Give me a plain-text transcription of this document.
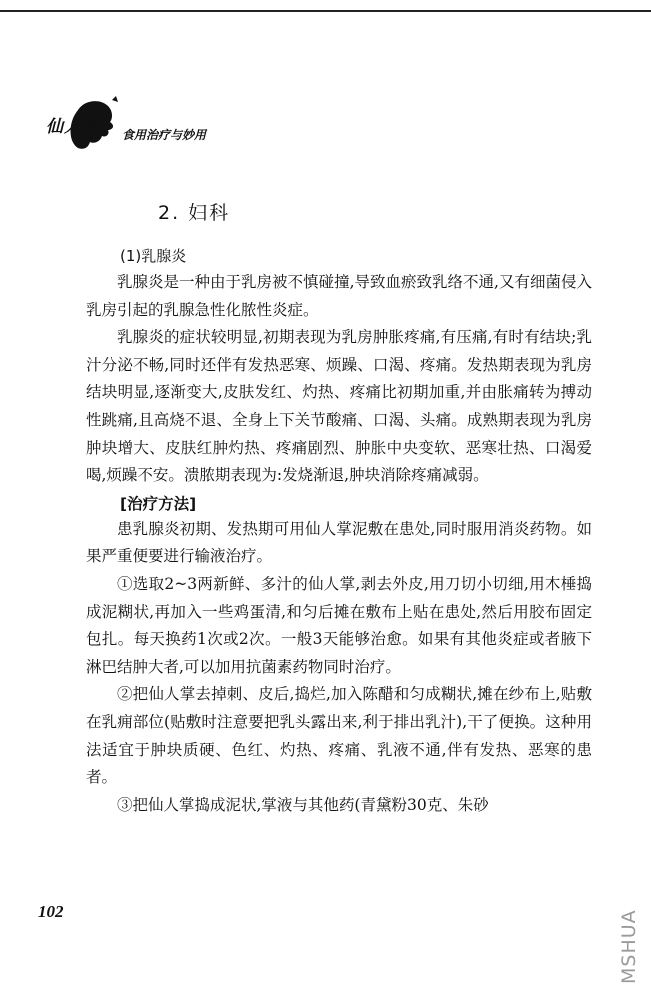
仙人掌 食用治疗与妙用
2. 妇科
(1)乳腺炎

乳腺炎是一种由于乳房被不慎碰撞,导致血瘀致乳络不通,又有细菌侵入乳房引起的乳腺急性化脓性炎症。

乳腺炎的症状较明显,初期表现为乳房肿胀疼痛,有压痛,有时有结块;乳汁分泌不畅,同时还伴有发热恶寒、烦躁、口渴、疼痛。发热期表现为乳房结块明显,逐渐变大,皮肤发红、灼热、疼痛比初期加重,并由胀痛转为搏动性跳痛,且高烧不退、全身上下关节酸痛、口渴、头痛。成熟期表现为乳房肿块增大、皮肤红肿灼热、疼痛剧烈、肿胀中央变软、恶寒壮热、口渴爱喝,烦躁不安。溃脓期表现为:发烧渐退,肿块消除疼痛减弱。

[治疗方法]

患乳腺炎初期、发热期可用仙人掌泥敷在患处,同时服用消炎药物。如果严重便要进行输液治疗。

①选取2~3两新鲜、多汁的仙人掌,剥去外皮,用刀切小切细,用木棰捣成泥糊状,再加入一些鸡蛋清,和匀后摊在敷布上贴在患处,然后用胶布固定包扎。每天换药1次或2次。一般3天能够治愈。如果有其他炎症或者腋下淋巴结肿大者,可以加用抗菌素药物同时治疗。

②把仙人掌去掉刺、皮后,捣烂,加入陈醋和匀成糊状,摊在纱布上,贴敷在乳痈部位(贴敷时注意要把乳头露出来,利于排出乳汁),干了便换。这种用法适宜于肿块质硬、色红、灼热、疼痛、乳液不通,伴有发热、恶寒的患者。

③把仙人掌捣成泥状,掌液与其他药(青黛粉30克、朱砂

102	MSHUA
